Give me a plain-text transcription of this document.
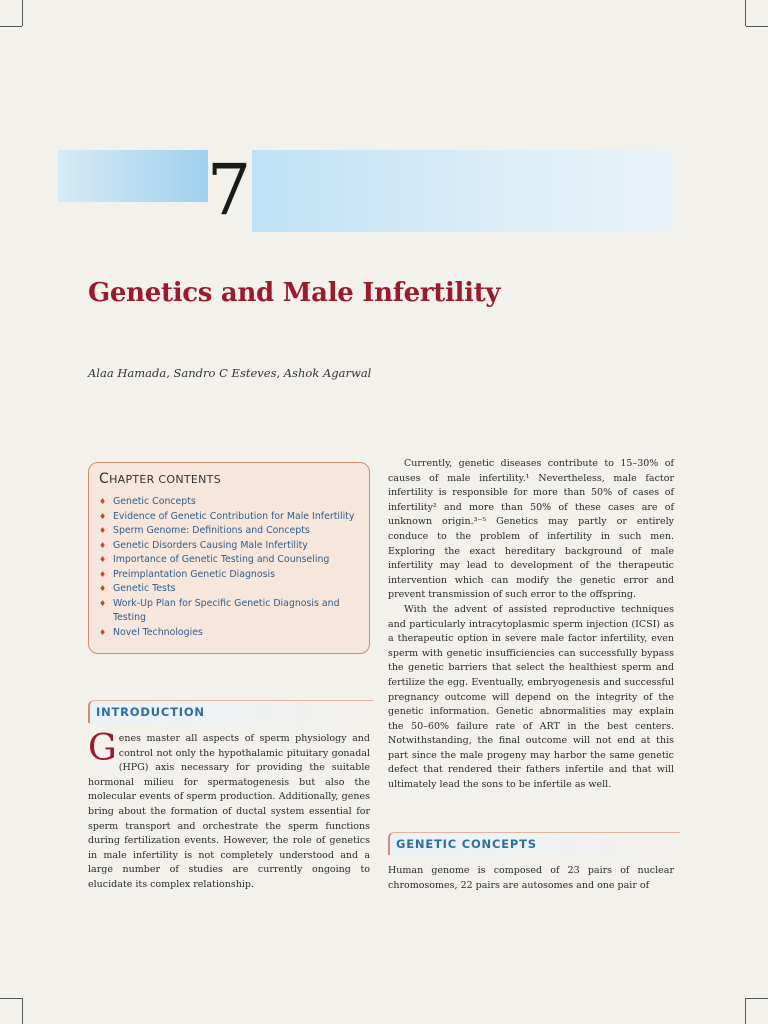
7
Genetics and Male Infertility
Alaa Hamada, Sandro C Esteves, Ashok Agarwal
CHAPTER CONTENTS
♦ Genetic Concepts
♦ Evidence of Genetic Contribution for Male Infertility
♦ Sperm Genome: Definitions and Concepts
♦ Genetic Disorders Causing Male Infertility
♦ Importance of Genetic Testing and Counseling
♦ Preimplantation Genetic Diagnosis
♦ Genetic Tests
♦ Work-Up Plan for Specific Genetic Diagnosis and Testing
♦ Novel Technologies
INTRODUCTION

Genes master all aspects of sperm physiology and control not only the hypothalamic pituitary gonadal (HPG) axis necessary for providing the suitable hormonal milieu for spermatogenesis but also the molecular events of sperm production. Additionally, genes bring about the formation of ductal system essential for sperm transport and orchestrate the sperm functions during fertilization events. However, the role of genetics in male infertility is not completely understood and a large number of studies are currently ongoing to elucidate its complex relationship.

Currently, genetic diseases contribute to 15–30% of causes of male infertility.¹ Nevertheless, male factor infertility is responsible for more than 50% of cases of infertility² and more than 50% of these cases are of unknown origin.³⁻⁵ Genetics may partly or entirely conduce to the problem of infertility in such men. Exploring the exact hereditary background of male infertility may lead to development of the therapeutic intervention which can modify the genetic error and prevent transmission of such error to the offspring.

With the advent of assisted reproductive techniques and particularly intracytoplasmic sperm injection (ICSI) as a therapeutic option in severe male factor infertility, even sperm with genetic insufficiencies can successfully bypass the genetic barriers that select the healthiest sperm and fertilize the egg. Eventually, embryogenesis and successful pregnancy outcome will depend on the integrity of the genetic information. Genetic abnormalities may explain the 50–60% failure rate of ART in the best centers. Notwithstanding, the final outcome will not end at this part since the male progeny may harbor the same genetic defect that rendered their fathers infertile and that will ultimately lead the sons to be infertile as well.

GENETIC CONCEPTS

Human genome is composed of 23 pairs of nuclear chromosomes, 22 pairs are autosomes and one pair of
